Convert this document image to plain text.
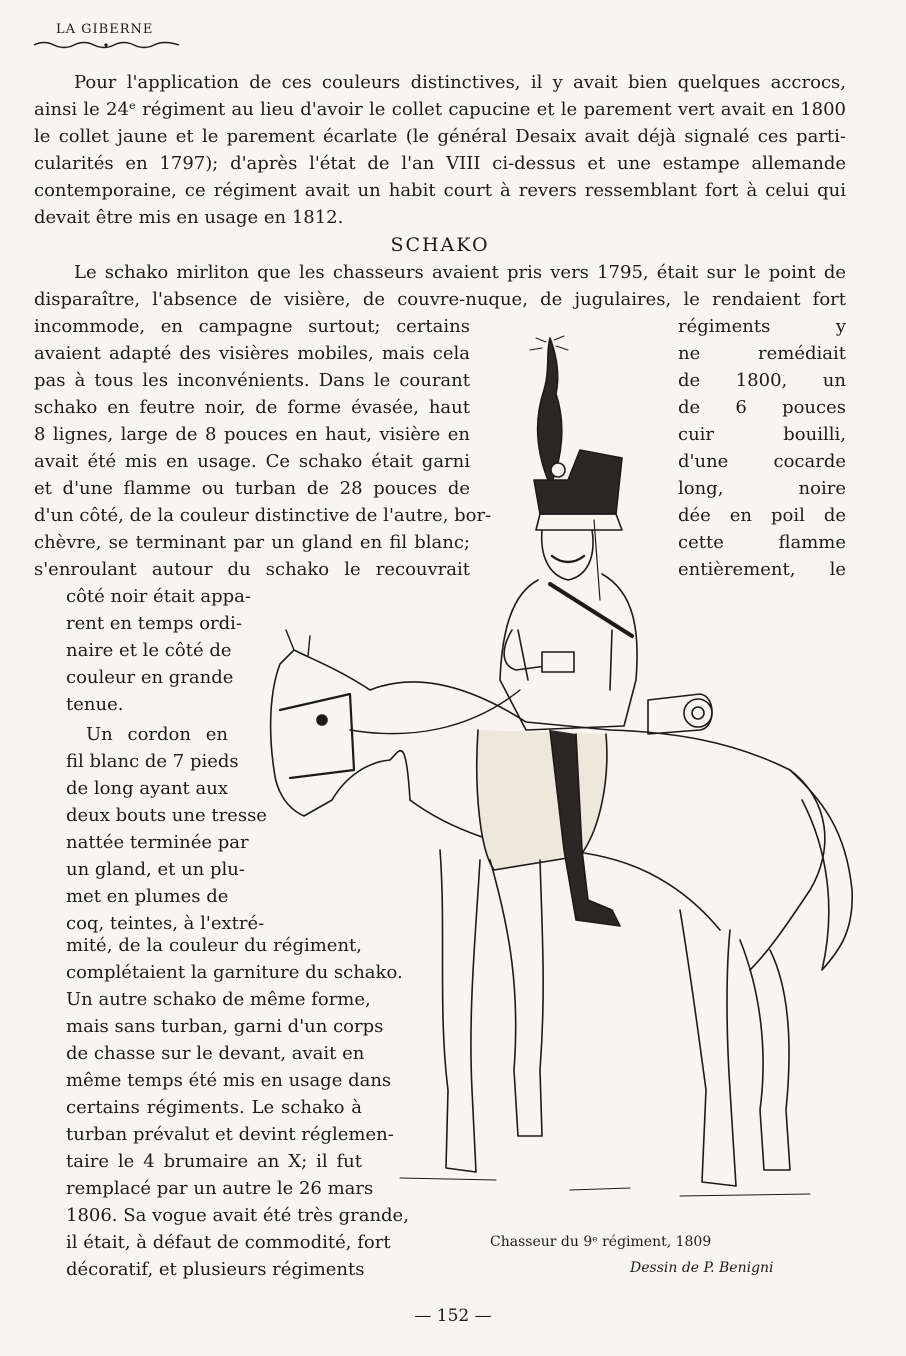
LA GIBERNE
Pour l'application de ces couleurs distinctives, il y avait bien quelques accrocs,
ainsi le 24ᵉ régiment au lieu d'avoir le collet capucine et le parement vert avait en 1800
le collet jaune et le parement écarlate (le général Desaix avait déjà signalé ces parti-
cularités en 1797); d'après l'état de l'an VIII ci-dessus et une estampe allemande
contemporaine, ce régiment avait un habit court à revers ressemblant fort à celui qui
devait être mis en usage en 1812.
SCHAKO
Le schako mirliton que les chasseurs avaient pris vers 1795, était sur le point de
disparaître, l'absence de visière, de couvre-nuque, de jugulaires, le rendaient fort
incommode, en campagne surtout; certains	régiments y
avaient adapté des visières mobiles, mais cela	ne remédiait
pas à tous les inconvénients. Dans le courant	de 1800, un
schako en feutre noir, de forme évasée, haut	de 6 pouces
8 lignes, large de 8 pouces en haut, visière en	cuir bouilli,
avait été mis en usage. Ce schako était garni	d'une cocarde
et d'une flamme ou turban de 28 pouces de	long, noire
d'un côté, de la couleur distinctive de l'autre, bor-	dée en poil de
chèvre, se terminant par un gland en fil blanc;	cette flamme
s'enroulant autour du schako le recouvrait	entièrement, le
côté noir était appa-
rent en temps ordi-
naire et le côté de
couleur en grande
tenue.
Un cordon en
fil blanc de 7 pieds
de long ayant aux
deux bouts une tresse
nattée terminée par
un gland, et un plu-
met en plumes de
coq, teintes, à l'extré-
mité, de la couleur du régiment,
complétaient la garniture du schako.
Un autre schako de même forme,
mais sans turban, garni d'un corps
de chasse sur le devant, avait en
même temps été mis en usage dans
certains régiments. Le schako à
turban prévalut et devint réglemen-
taire le 4 brumaire an X; il fut
remplacé par un autre le 26 mars
1806. Sa vogue avait été très grande,
il était, à défaut de commodité, fort
décoratif, et plusieurs régiments
Chasseur du 9ᵉ régiment, 1809
Dessin de P. Benigni
— 152 —
